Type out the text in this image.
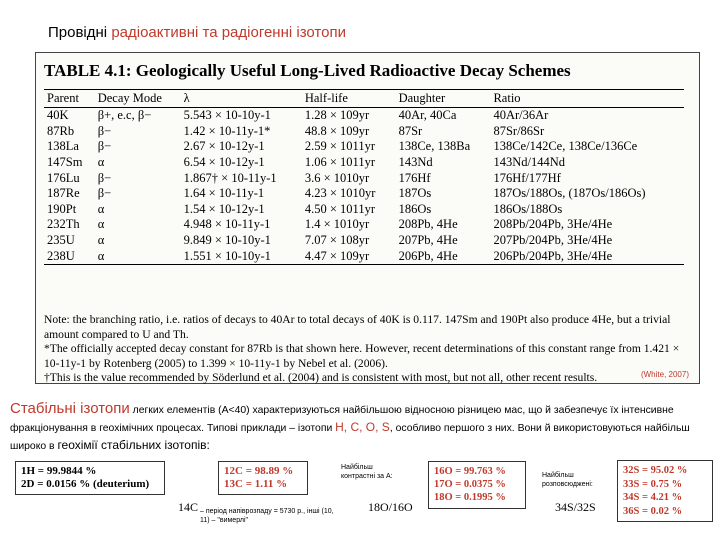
Провідні радіоактивні та радіогенні ізотопи
TABLE 4.1: Geologically Useful Long-Lived Radioactive Decay Schemes
Parent	Decay Mode	λ	Half-life	Daughter	Ratio
40K	β+, e.c, β−	5.543 × 10-10y-1	1.28 × 109yr	40Ar, 40Ca	40Ar/36Ar
87Rb	β−	1.42 × 10-11y-1*	48.8 × 109yr	87Sr	87Sr/86Sr
138La	β−	2.67 × 10-12y-1	2.59 × 1011yr	138Ce, 138Ba	138Ce/142Ce, 138Ce/136Ce
147Sm	α	6.54 × 10-12y-1	1.06 × 1011yr	143Nd	143Nd/144Nd
176Lu	β−	1.867† × 10-11y-1	3.6 × 1010yr	176Hf	176Hf/177Hf
187Re	β−	1.64 × 10-11y-1	4.23 × 1010yr	187Os	187Os/188Os, (187Os/186Os)
190Pt	α	1.54 × 10-12y-1	4.50 × 1011yr	186Os	186Os/188Os
232Th	α	4.948 × 10-11y-1	1.4 × 1010yr	208Pb, 4He	208Pb/204Pb, 3He/4He
235U	α	9.849 × 10-10y-1	7.07 × 108yr	207Pb, 4He	207Pb/204Pb, 3He/4He
238U	α	1.551 × 10-10y-1	4.47 × 109yr	206Pb, 4He	206Pb/204Pb, 3He/4He
Note: the branching ratio, i.e. ratios of decays to 40Ar to total decays of 40K is 0.117. 147Sm and 190Pt also produce 4He, but a trivial amount compared to U and Th.
*The officially accepted decay constant for 87Rb is that shown here. However, recent determinations of this constant range from 1.421 × 10-11y-1 by Rotenberg (2005) to 1.399 × 10-11y-1 by Nebel et al. (2006).
†This is the value recommended by Söderlund et al. (2004) and is consistent with most, but not all, other recent results.	(White, 2007)
Стабільні ізотопи легких елементів (А<40) характеризуються найбільшою відносною різницею мас, що й забезпечує їх інтенсивне фракціонування в геохімічних процесах. Типові приклади – ізотопи H, C, O, S, особливо першого з них. Вони й використовуються найбільш широко в геохімії стабільних ізотопів:
1H = 99.9844 %
2D = 0.0156 % (deuterium)
12C = 98.89 %
13C = 1.11 %
Найбільш контрастні за А:	16O = 99.763 %
17O = 0.0375 %
18O = 0.1995 %
18O/16O
Найбільш розповсюджені:
32S = 95.02 %
33S = 0.75 %
34S = 4.21 %
36S = 0.02 %
34S/32S
14C – період напіврозпаду = 5730 р., інші (10, 11) – "вимерлі"
